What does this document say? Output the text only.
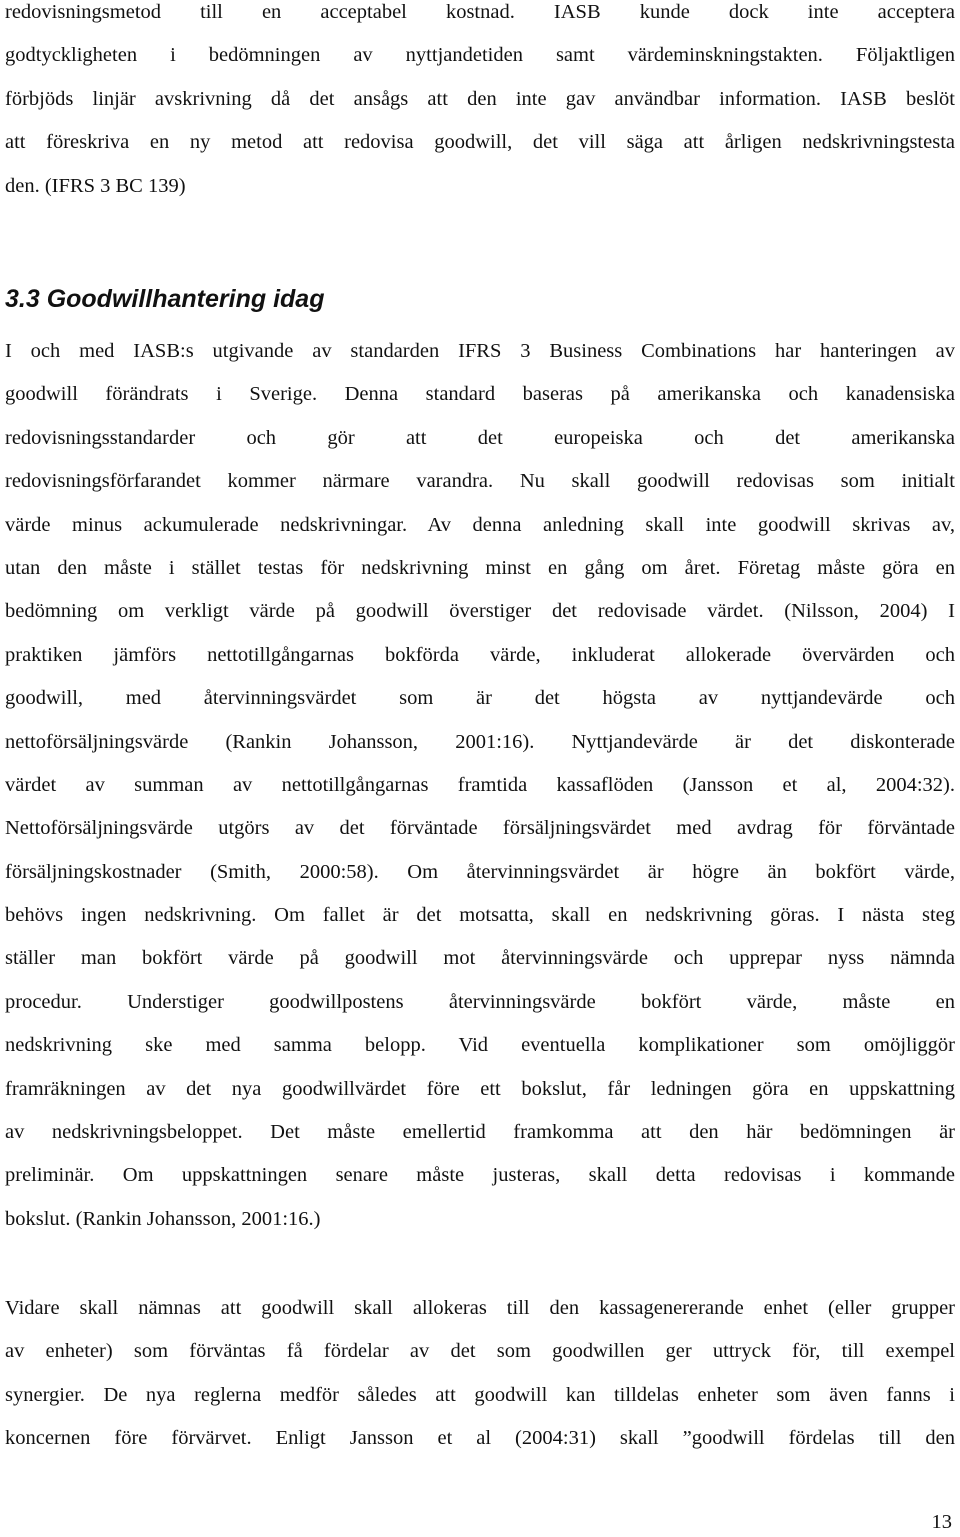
redovisningsmetod till en acceptabel kostnad. IASB kunde dock inte acceptera
godtyckligheten i bedömningen av nyttjandetiden samt värdeminskningstakten. Följaktligen
förbjöds linjär avskrivning då det ansågs att den inte gav användbar information. IASB beslöt
att föreskriva en ny metod att redovisa goodwill, det vill säga att årligen nedskrivningstesta
den. (IFRS 3 BC 139)

3.3 Goodwillhantering idag

I och med IASB:s utgivande av standarden IFRS 3 Business Combinations har hanteringen av
goodwill förändrats i Sverige. Denna standard baseras på amerikanska och kanadensiska
redovisningsstandarder och gör att det europeiska och det amerikanska
redovisningsförfarandet kommer närmare varandra. Nu skall goodwill redovisas som initialt
värde minus ackumulerade nedskrivningar. Av denna anledning skall inte goodwill skrivas av,
utan den måste i stället testas för nedskrivning minst en gång om året. Företag måste göra en
bedömning om verkligt värde på goodwill överstiger det redovisade värdet. (Nilsson, 2004) I
praktiken jämförs nettotillgångarnas bokförda värde, inkluderat allokerade övervärden och
goodwill, med återvinningsvärdet som är det högsta av nyttjandevärde och
nettoförsäljningsvärde (Rankin Johansson, 2001:16). Nyttjandevärde är det diskonterade
värdet av summan av nettotillgångarnas framtida kassaflöden (Jansson et al, 2004:32).
Nettoförsäljningsvärde utgörs av det förväntade försäljningsvärdet med avdrag för förväntade
försäljningskostnader (Smith, 2000:58). Om återvinningsvärdet är högre än bokfört värde,
behövs ingen nedskrivning. Om fallet är det motsatta, skall en nedskrivning göras. I nästa steg
ställer man bokfört värde på goodwill mot återvinningsvärde och upprepar nyss nämnda
procedur. Understiger goodwillpostens återvinningsvärde bokfört värde, måste en
nedskrivning ske med samma belopp. Vid eventuella komplikationer som omöjliggör
framräkningen av det nya goodwillvärdet före ett bokslut, får ledningen göra en uppskattning
av nedskrivningsbeloppet. Det måste emellertid framkomma att den här bedömningen är
preliminär. Om uppskattningen senare måste justeras, skall detta redovisas i kommande
bokslut. (Rankin Johansson, 2001:16.)

Vidare skall nämnas att goodwill skall allokeras till den kassagenererande enhet (eller grupper
av enheter) som förväntas få fördelar av det som goodwillen ger uttryck för, till exempel
synergier. De nya reglerna medför således att goodwill kan tilldelas enheter som även fanns i
koncernen före förvärvet. Enligt Jansson et al (2004:31) skall ”goodwill fördelas till den

13
